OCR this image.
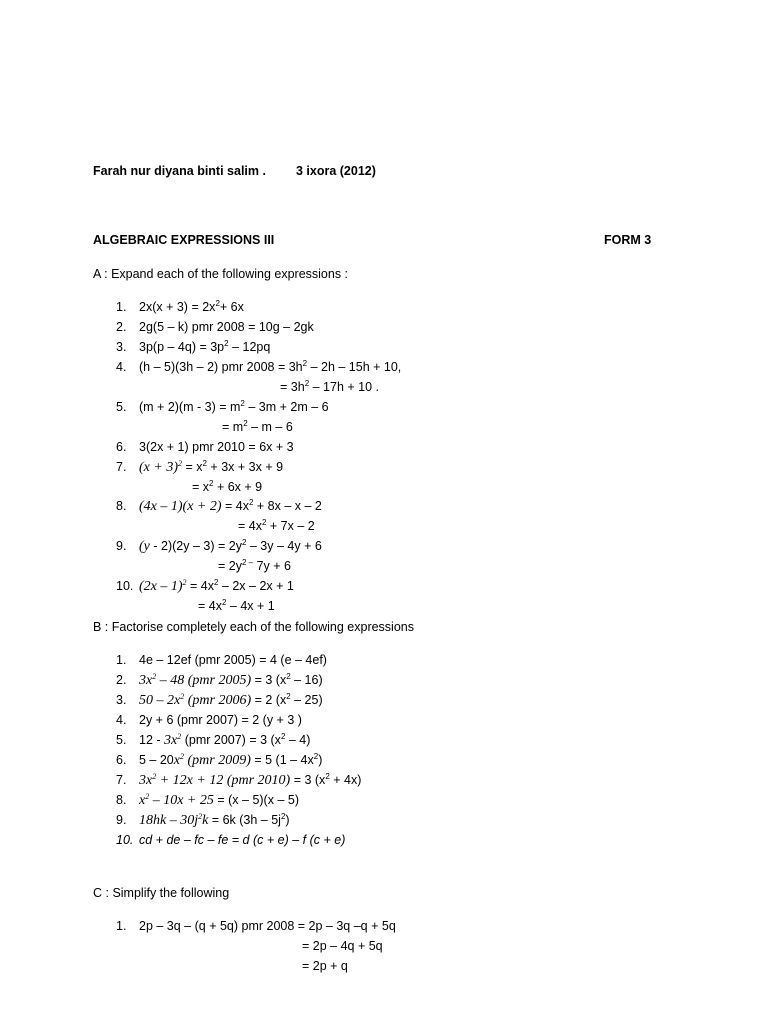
Farah nur diyana binti salim . 3 ixora (2012)
ALGEBRAIC EXPRESSIONS III	FORM 3
A : Expand each of the following expressions :
1.	$2x(x + 3) = 2x^2+ 6x$
2.	2g(5 – k) pmr 2008 = 10g – 2gk
3.	$3p(p - 4q) = 3p^2 - 12pq$
4.	(h – 5)(3h – 2) pmr $2008 = 3h^2 - 2h - 15h + 10$,
= $3h^2 - 17h + 10$ .
5.	$(m + 2)(m - 3) = m^2 - 3m + 2m - 6$
= $m^2$ – m – 6
6.	3(2x + 1) pmr 2010 = 6x + 3
7. $(x + 3)^2 = x^2 + 3x + 3x + 9$
= $x^2 + 6x + 9$
8. $(4x - 1)(x + 2) = 4x^2 + 8x - x - 2$
= $4x^2 + 7x - 2$
9. $(y - 2)(2y - 3) = 2y^2 - 3y - 4y + 6$
= $2y^{2 -}$ 7y + 6
10. $(2x - 1)^2 = 4x^2 - 2x - 2x + 1$
= $4x^2 - 4x + 1$
B : Factorise completely each of the following expressions
1.	4e – 12ef (pmr 2005) = 4 (e – 4ef)
2. $3x^2 - 48$ (pmr 2005) = 3 $(x^2 - 16)$
3. $50 - 2x^2$ (pmr 2006) = 2 $(x^2 - 25)$
4.	2y + 6 (pmr 2007) = 2 (y + 3 )
5.	$12 - 3x^2$ (pmr 2007) = 3 $(x^2 - 4)$
6.	$5 - 20x^2$ (pmr 2009) = 5 $(1 - 4x^2)$
7. $3x^2 + 12x + 12$ (pmr 2010) = 3 $(x^2 + 4x)$
8. $x^2 - 10x + 25 = (x - 5)(x - 5)$
9. $18hk - 30j^2k = 6k$ $(3h - 5j^2)$
10. cd + de – fc – fe = d (c + e) – f (c + e)
C : Simplify the following
1.	2p – 3q – (q + 5q) pmr 2008 = 2p – 3q –q + 5q
= 2p – 4q + 5q
= 2p + q
